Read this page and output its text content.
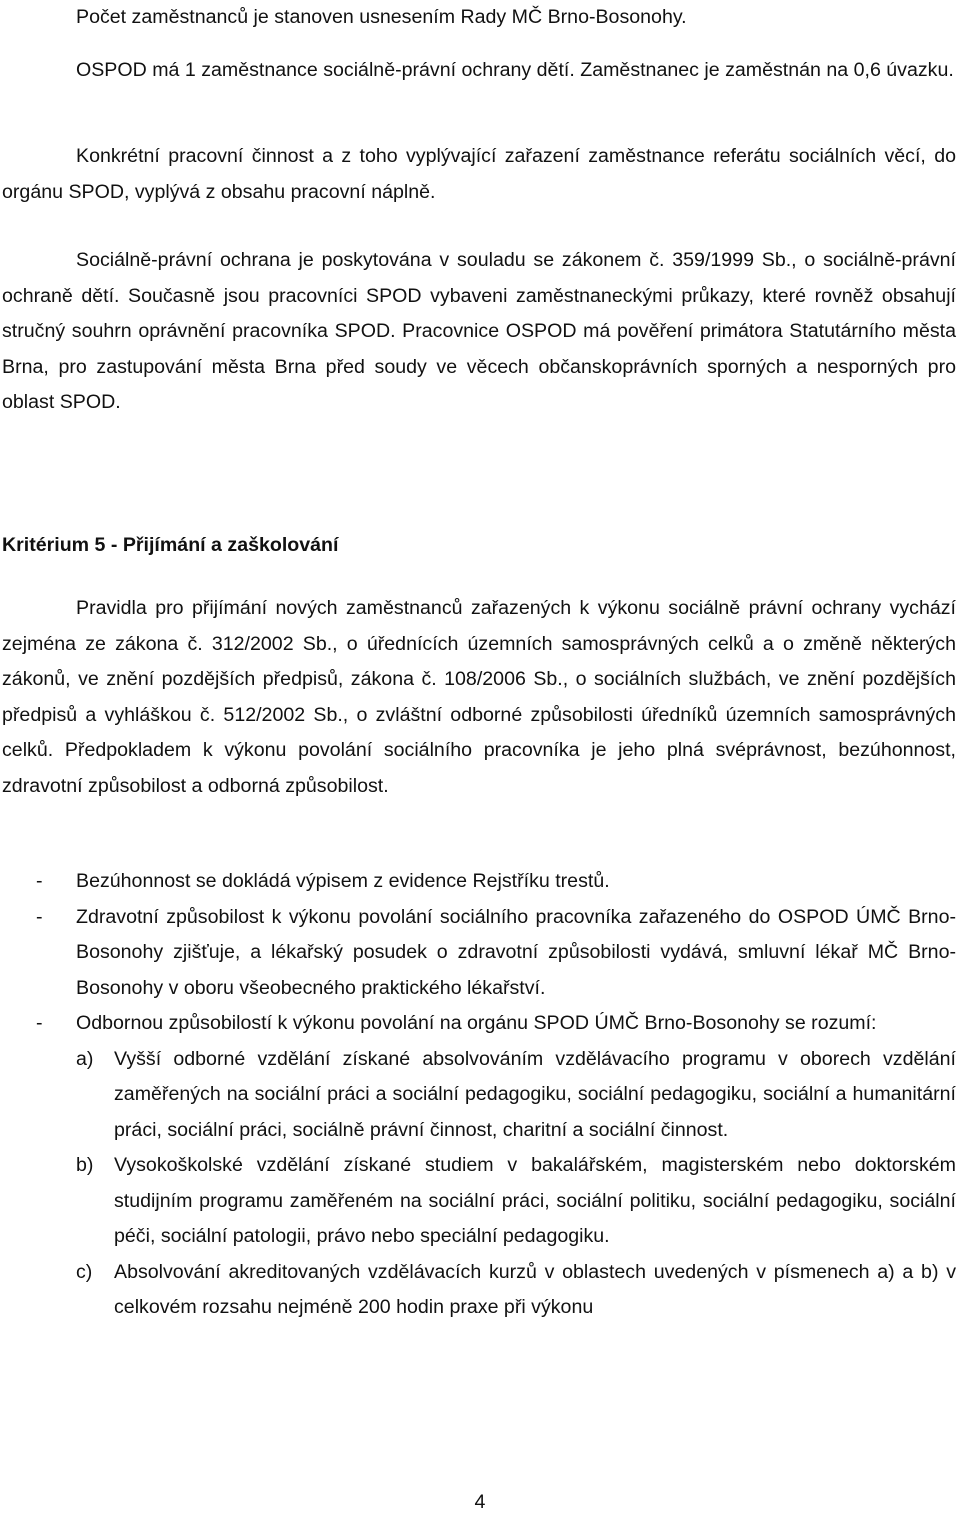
Počet zaměstnanců je stanoven usnesením Rady MČ Brno-Bosonohy.

OSPOD má 1 zaměstnance sociálně-právní ochrany dětí. Zaměstnanec je zaměstnán na 0,6 úvazku.

Konkrétní pracovní činnost a z toho vyplývající zařazení zaměstnance referátu sociálních věcí, do orgánu SPOD, vyplývá z obsahu pracovní náplně.

Sociálně-právní ochrana je poskytována v souladu se zákonem č. 359/1999 Sb., o sociálně-právní ochraně dětí. Současně jsou pracovníci SPOD vybaveni zaměstnaneckými průkazy, které rovněž obsahují stručný souhrn oprávnění pracovníka SPOD. Pracovnice OSPOD má pověření primátora Statutárního města Brna, pro zastupování města Brna před soudy ve věcech občanskoprávních sporných a nesporných pro oblast SPOD.

Kritérium 5 - Přijímání a zaškolování

Pravidla pro přijímání nových zaměstnanců zařazených k výkonu sociálně právní ochrany vychází zejména ze zákona č. 312/2002 Sb., o úřednících územních samosprávných celků a o změně některých zákonů, ve znění pozdějších předpisů, zákona č. 108/2006 Sb., o sociálních službách, ve znění pozdějších předpisů a vyhláškou č. 512/2002 Sb., o zvláštní odborné způsobilosti úředníků územních samosprávných celků. Předpokladem k výkonu povolání sociálního pracovníka je jeho plná svéprávnost, bezúhonnost, zdravotní způsobilost a odborná způsobilost.

- Bezúhonnost se dokládá výpisem z evidence Rejstříku trestů.
- Zdravotní způsobilost k výkonu povolání sociálního pracovníka zařazeného do OSPOD ÚMČ Brno-Bosonohy zjišťuje, a lékařský posudek o zdravotní způsobilosti vydává, smluvní lékař MČ Brno-Bosonohy v oboru všeobecného praktického lékařství.
- Odbornou způsobilostí k výkonu povolání na orgánu SPOD ÚMČ Brno-Bosonohy se rozumí:
a) Vyšší odborné vzdělání získané absolvováním vzdělávacího programu v oborech vzdělání zaměřených na sociální práci a sociální pedagogiku, sociální pedagogiku, sociální a humanitární práci, sociální práci, sociálně právní činnost, charitní a sociální činnost.
b) Vysokoškolské vzdělání získané studiem v bakalářském, magisterském nebo doktorském studijním programu zaměřeném na sociální práci, sociální politiku, sociální pedagogiku, sociální péči, sociální patologii, právo nebo speciální pedagogiku.
c) Absolvování akreditovaných vzdělávacích kurzů v oblastech uvedených v písmenech a) a b) v celkovém rozsahu nejméně 200 hodin praxe při výkonu
4
